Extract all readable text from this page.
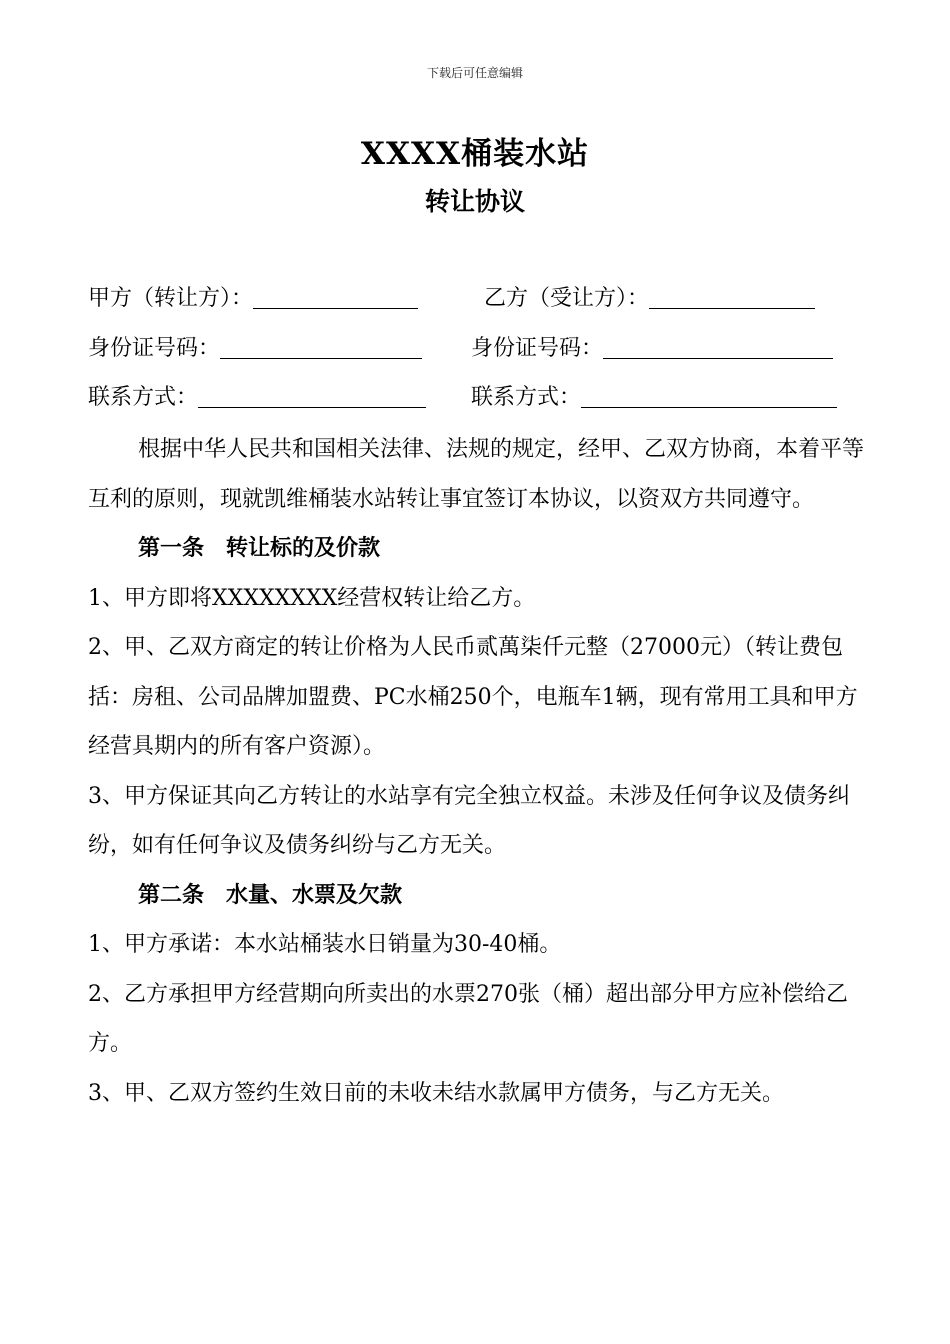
下载后可任意编辑
XXXX桶装水站
转让协议
甲方（转让方）：	乙方（受让方）：
身份证号码：	身份证号码：
联系方式：	联系方式：

根据中华人民共和国相关法律、法规的规定，经甲、乙双方协商，本着平等互利的原则，现就凯维桶装水站转让事宜签订本协议，以资双方共同遵守。

第一条　转让标的及价款

1、甲方即将XXXXXXXX经营权转让给乙方。

2、甲、乙双方商定的转让价格为人民币贰萬柒仟元整（27000元）（转让费包括：房租、公司品牌加盟费、PC水桶250个，电瓶车1辆，现有常用工具和甲方经营具期内的所有客户资源）。

3、甲方保证其向乙方转让的水站享有完全独立权益。未涉及任何争议及债务纠纷，如有任何争议及债务纠纷与乙方无关。

第二条　水量、水票及欠款

1、甲方承诺：本水站桶装水日销量为30-40桶。

2、乙方承担甲方经营期向所卖出的水票270张（桶）超出部分甲方应补偿给乙方。

3、甲、乙双方签约生效日前的未收未结水款属甲方债务，与乙方无关。
